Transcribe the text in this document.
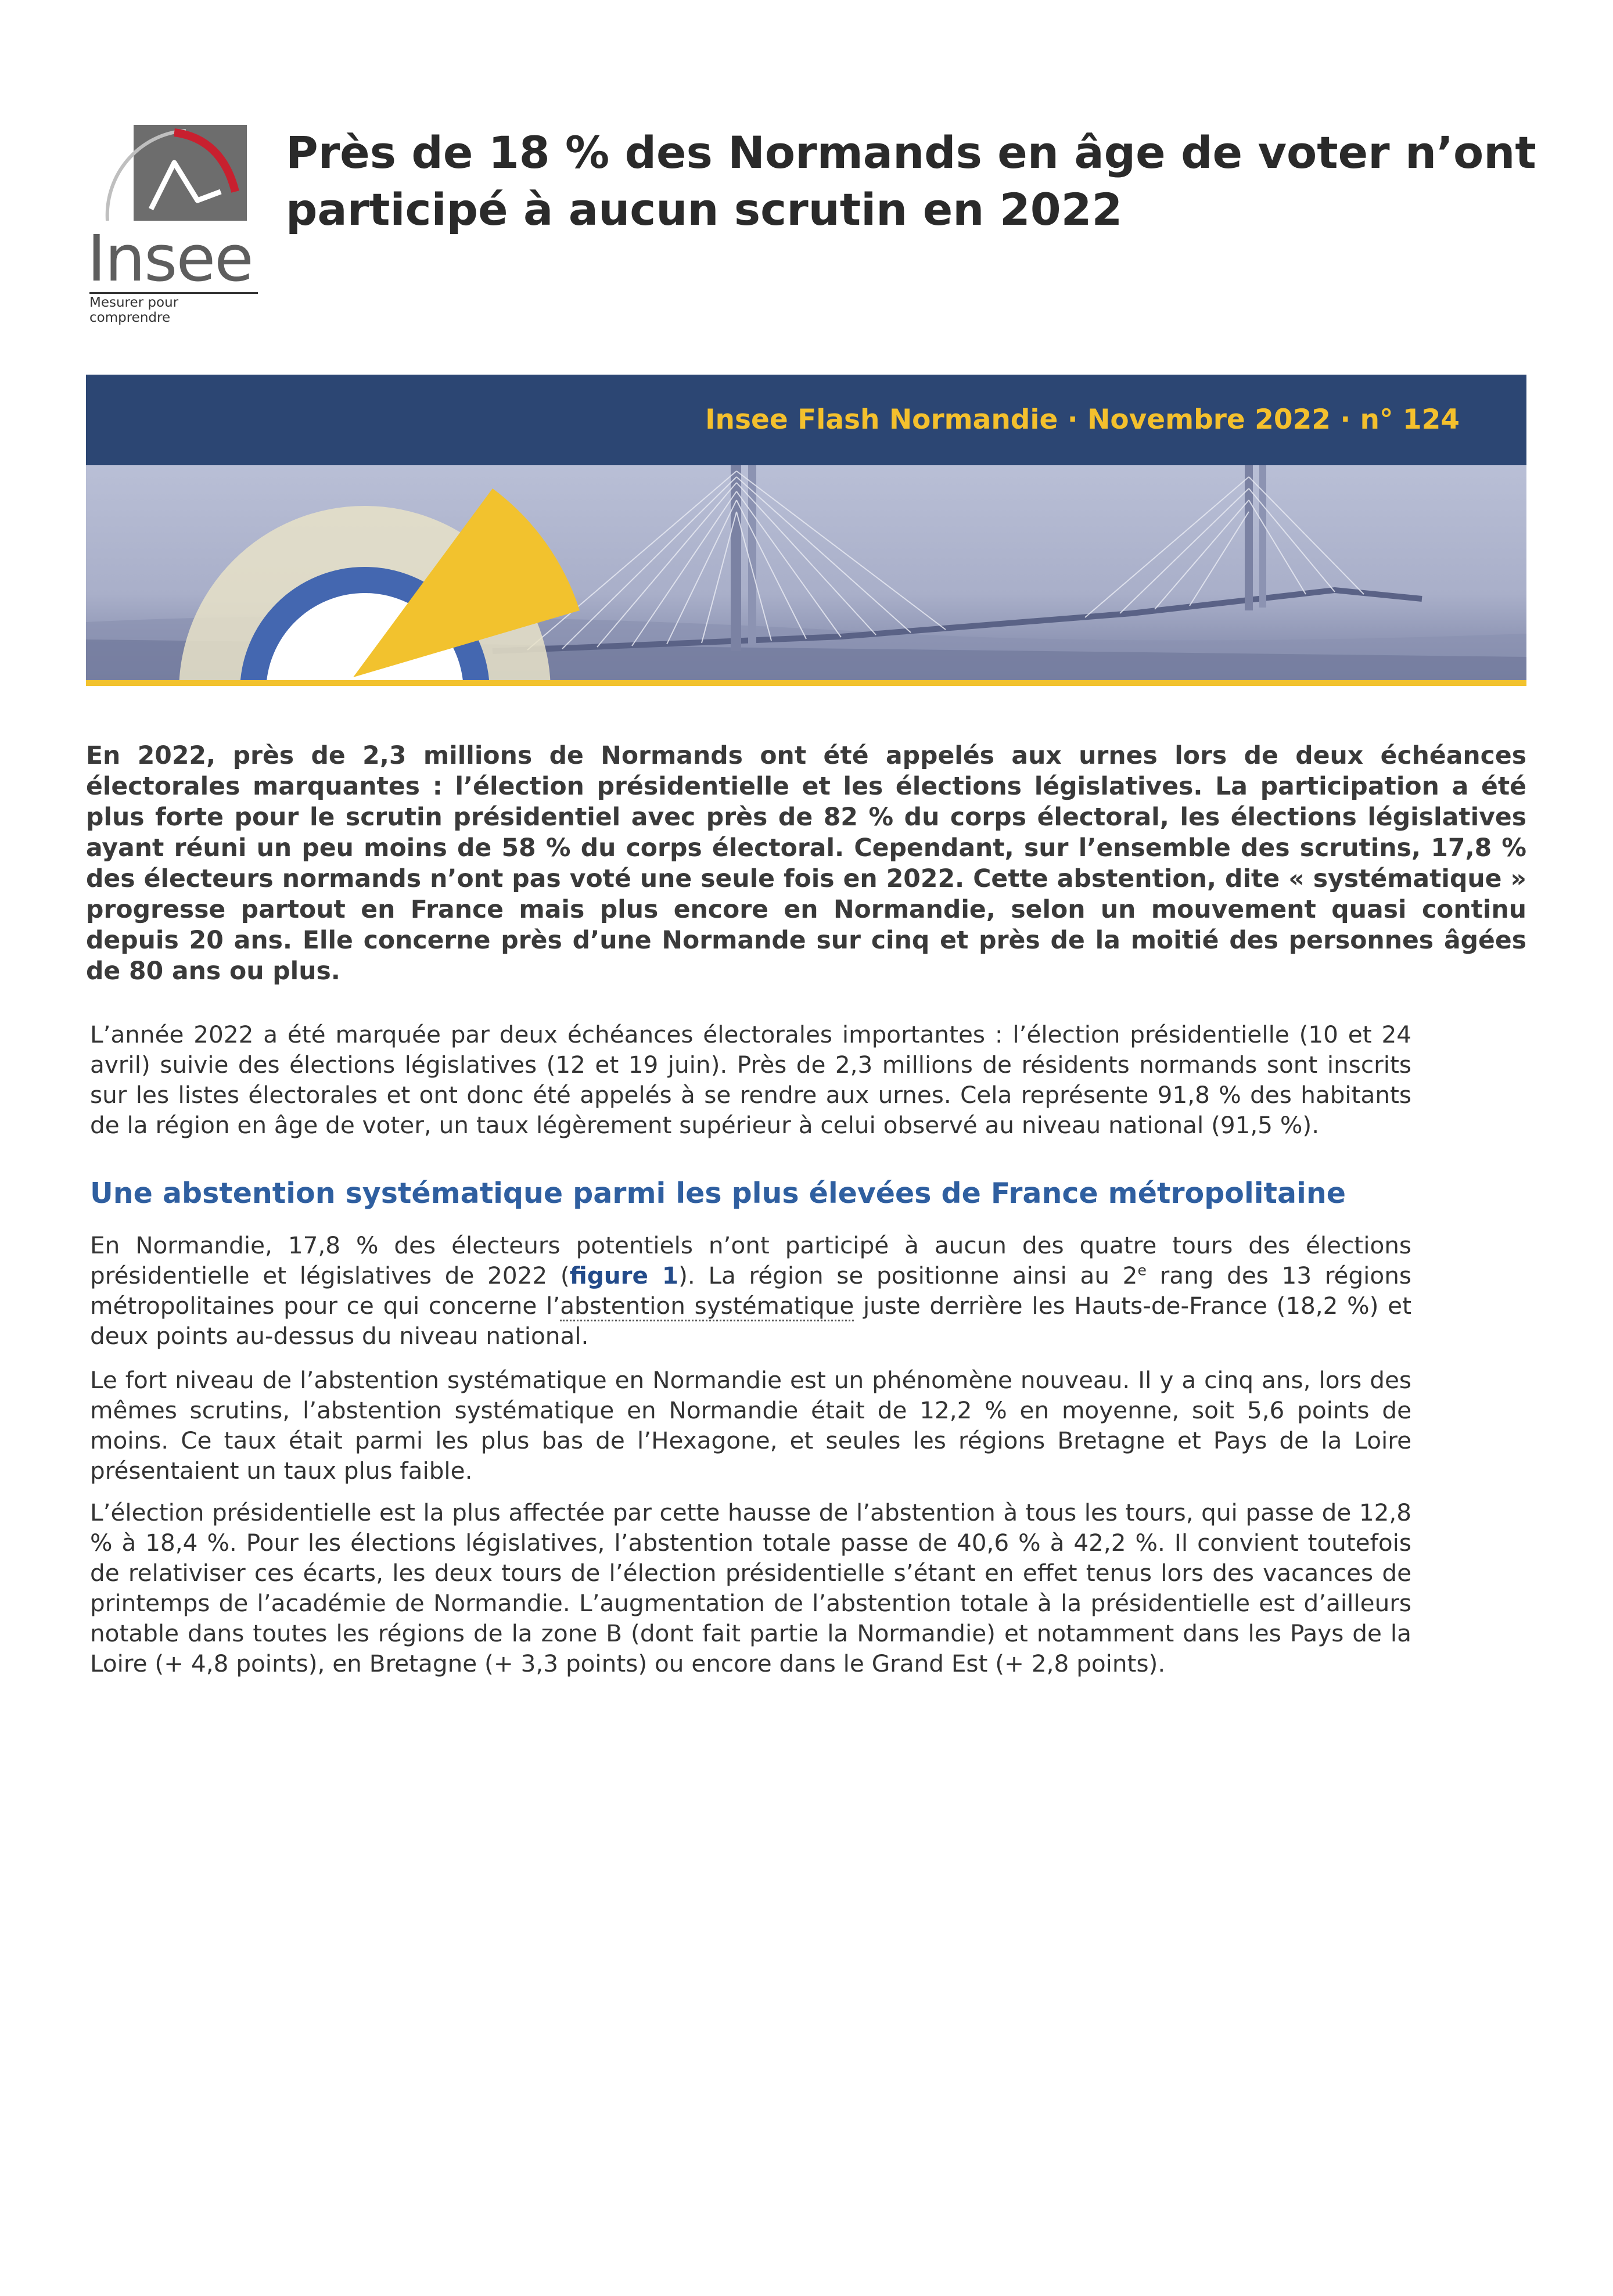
Insee
Mesurer pour comprendre
Près de 18 % des Normands en âge de voter n’ont participé à aucun scrutin en 2022
Insee Flash Normandie · Novembre 2022 · n° 124
En 2022, près de 2,3 millions de Normands ont été appelés aux urnes lors de deux échéances électorales marquantes : l’élection présidentielle et les élections législatives. La participation a été plus forte pour le scrutin présidentiel avec près de 82 % du corps électoral, les élections législatives ayant réuni un peu moins de 58 % du corps électoral. Cependant, sur l’ensemble des scrutins, 17,8 % des électeurs normands n’ont pas voté une seule fois en 2022. Cette abstention, dite « systématique » progresse partout en France mais plus encore en Normandie, selon un mouvement quasi continu depuis 20 ans. Elle concerne près d’une Normande sur cinq et près de la moitié des personnes âgées de 80 ans ou plus.
L’année 2022 a été marquée par deux échéances électorales importantes : l’élection présidentielle (10 et 24 avril) suivie des élections législatives (12 et 19 juin). Près de 2,3 millions de résidents normands sont inscrits sur les listes électorales et ont donc été appelés à se rendre aux urnes. Cela représente 91,8 % des habitants de la région en âge de voter, un taux légèrement supérieur à celui observé au niveau national (91,5 %).
Une abstention systématique parmi les plus élevées de France métropolitaine
En Normandie, 17,8 % des électeurs potentiels n’ont participé à aucun des quatre tours des élections présidentielle et législatives de 2022 (figure 1). La région se positionne ainsi au 2e rang des 13 régions métropolitaines pour ce qui concerne l’abstention systématique juste derrière les Hauts-de-France (18,2 %) et deux points au-dessus du niveau national.
Le fort niveau de l’abstention systématique en Normandie est un phénomène nouveau. Il y a cinq ans, lors des mêmes scrutins, l’abstention systématique en Normandie était de 12,2 % en moyenne, soit 5,6 points de moins. Ce taux était parmi les plus bas de l’Hexagone, et seules les régions Bretagne et Pays de la Loire présentaient un taux plus faible.
L’élection présidentielle est la plus affectée par cette hausse de l’abstention à tous les tours, qui passe de 12,8 % à 18,4 %. Pour les élections législatives, l’abstention totale passe de 40,6 % à 42,2 %. Il convient toutefois de relativiser ces écarts, les deux tours de l’élection présidentielle s’étant en effet tenus lors des vacances de printemps de l’académie de Normandie. L’augmentation de l’abstention totale à la présidentielle est d’ailleurs notable dans toutes les régions de la zone B (dont fait partie la Normandie) et notamment dans les Pays de la Loire (+ 4,8 points), en Bretagne (+ 3,3 points) ou encore dans le Grand Est (+ 2,8 points).
